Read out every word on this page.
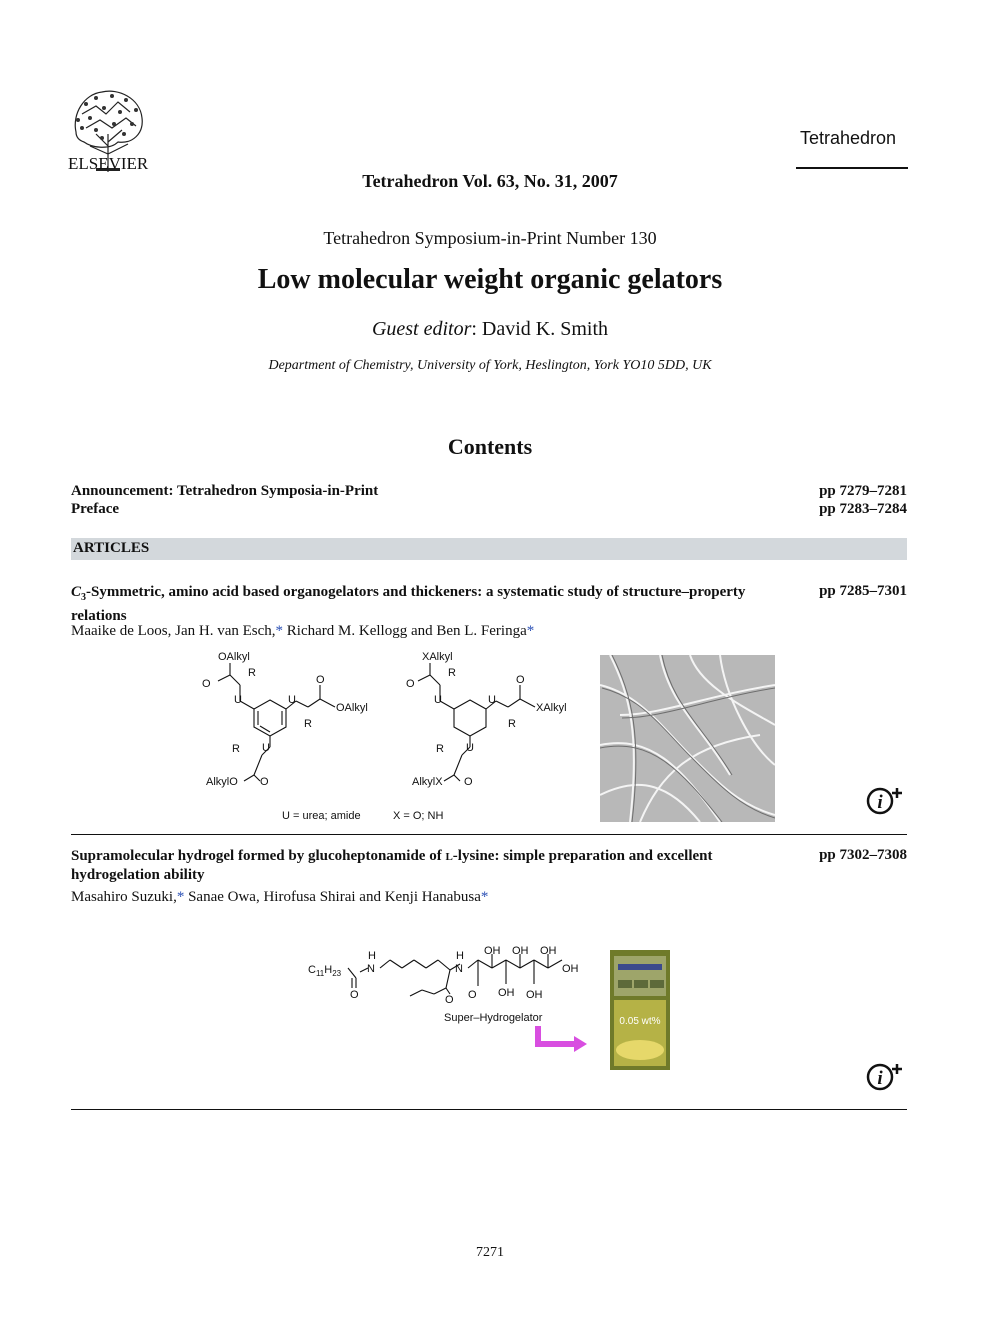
ELSEVIER
Tetrahedron
Tetrahedron Vol. 63, No. 31, 2007
Tetrahedron Symposium-in-Print Number 130
Low molecular weight organic gelators
Guest editor: David K. Smith
Department of Chemistry, University of York, Heslington, York YO10 5DD, UK
Contents
Announcement: Tetrahedron Symposia-in-Print	pp 7279–7281
Preface	pp 7283–7284
ARTICLES
$C_3$-Symmetric, amino acid based organogelators and thickeners: a systematic study of structure–property relations
pp 7285–7301
Maaike de Loos, Jan H. van Esch,* Richard M. Kellogg and Ben L. Feringa*
OAlkyl
R
O
U	U
O
OAlkyl
R
R U
AlkylO O
XAlkyl
R
O
U	U
O
XAlkyl
R
R U
AlkylX O
U = urea; amide	X = O; NH
i
Supramolecular hydrogel formed by glucoheptonamide of l-lysine: simple preparation and excellent hydrogelation ability
pp 7302–7308
Masahiro Suzuki,* Sanae Owa, Hirofusa Shirai and Kenji Hanabusa*
$C_{11}H_{23}$
H
N
O
H
N
O
O
OH OH OH
OH OH
OH
Super–Hydrogelator	0.05 wt%
i
7271
